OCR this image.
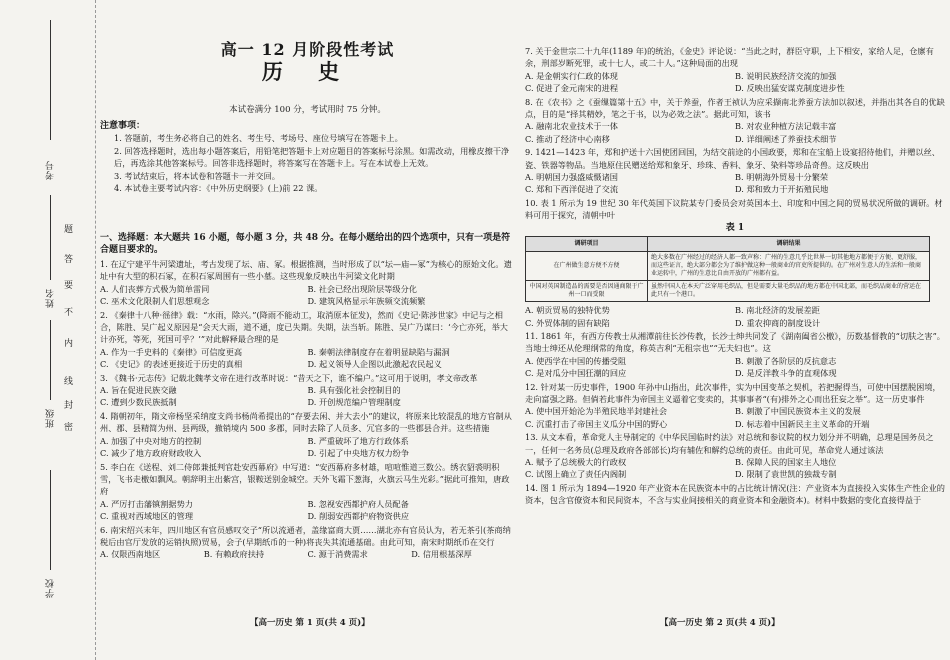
考号
姓名
班级
学校
题
答
要
不
内
线
封
密
高一 12 月阶段性考试
历 史
本试卷满分 100 分，考试用时 75 分钟。
注意事项：
1. 答题前，考生务必将自己的姓名、考生号、考场号、座位号填写在答题卡上。
2. 回答选择题时，选出每小题答案后，用铅笔把答题卡上对应题目的答案标号涂黑。如需改动，用橡皮擦干净后，再选涂其他答案标号。回答非选择题时，将答案写在答题卡上。写在本试卷上无效。
3. 考试结束后，将本试卷和答题卡一并交回。
4. 本试卷主要考试内容：《中外历史纲要》(上)前 22 课。
一、选择题：本大题共 16 小题，每小题 3 分，共 48 分。在每小题给出的四个选项中，只有一项是符合题目要求的。
1. 在辽宁建平牛河梁遗址，考古发现了坛、庙、冢。根据推测，当时形成了以“坛—庙—冢”为核心的原始文化。遗址中有大型的积石冢，在积石冢周围有一些小墓。这些现象反映出牛河梁文化时期
A. 人们丧葬方式极为简单雷同	B. 社会已经出现阶层等级分化
C. 巫术文化限制人们思想观念	D. 建筑风格显示年族频交流频繁
2. 《秦律十八种·徭律》载：“水雨，除兴。”(降雨不能动工，取消原本征发)，然而《史记·陈涉世家》中记与之相合，陈胜、吴广起义原因是“会天大雨，道不通，度已失期。失期，法当斩。陈胜、吴广乃谋曰：‘今亡亦死，举大计亦死，等死，死国可乎？’”对此解释最合理的是
A. 作为一手史料的《秦律》可信度更高	B. 秦朝法律制度存在着明显缺陷与漏洞
C. 《史记》的表述更接近于历史的真相	D. 起义领导人企图以此激起农民起义
3. 《魏书·元志传》记载北魏孝文帝在进行改革时说：“昔天之下，谁不编户。”这可用于说明，孝文帝改革
A. 旨在促进民族交融	B. 具有强化社会控制目的
C. 遭到少数民族抵制	D. 开创规范编户管理制度
4. 隋朝初年，隋文帝杨坚采纳度支尚书杨尚希提出的“存要去闲、并大去小”的建议，将原来比较混乱的地方官制从州、郡、县精简为州、县两级，撤销境内 500 多郡，同时去除了人员多、冗官多的一些郡县合并。这些措施
A. 加强了中央对地方的控制	B. 严重破坏了地方行政体系
C. 减少了地方政府财政收入	D. 引起了中央地方权力纷争
5. 李白在《送程、刘二侍郎兼抵判官赴安西幕府》中写道：“安西幕府多材雄，喧喧惟道三数公。绣衣貂裘明积雪，飞书走檄如飘风。朝辞明主出紫宫，银鞍送别金城空。天外飞霜下葱海，火旗云马生光彩。”据此可推知，唐政府
A. 严厉打击藩镇割据势力	B. 忽视安西都护府人员配备
C. 重视对西域地区的管理	D. 削弱安西都护府物资供应
6. 南宋绍兴末年，四川地区有官员感叹交子“所以流通者，盖缘富商大贾……湖北亦有官员认为，若无茶引(茶商纳税后由官厅发放的运销执照)贸易，会子(早期纸币的一种)将丧失其流通基础。由此可知，南宋时期纸币在交行
A. 仅限西南地区	B. 有赖政府扶持	C. 源于消费需求	D. 信用根基深厚
【高一历史 第 1 页(共 4 页)】
7. 关于金世宗二十九年(1189 年)的统治，《金史》评论说：“当此之时，群臣守职，上下相安，家给人足，仓廪有余，刑部岁断死罪，或十七人，或二十人。”这种局面的出现
A. 是金朝实行仁政的体现	B. 说明民族经济交流的加强
C. 促进了金元南宋的进程	D. 反映出猛安谋克制度进步性
8. 在《农书》之《蚕缫篇第十五》中，关于养蚕，作者王祯认为应采撷南北养蚕方法加以叙述，并指出其各自的优缺点，目的是“择其精妙，笔之于书，以为必效之法”。据此可知，该书
A. 融南北农业技术于一体	B. 对农业种植方法记载丰富
C. 推动了经济中心南移	D. 详细阐述了养蚕技术细节
9. 1421—1423 年，郑和护送十六国使团回国，为结交前途的小国政要，郑和在宝船上设宴招待他们，并赠以丝、瓷、铁器等物品。当地原住民赠送给郑和象牙、珍珠、香料、象牙、染料等珍品奇兽。这反映出
A. 明朝国力强盛威慑诸国	B. 明朝海外贸易十分繁荣
C. 郑和下西洋促进了交流	D. 郑和致力于开拓殖民地
10. 表 1 所示为 19 世纪 30 年代英国下议院某专门委员会对英国本土、印度和中国之间的贸易状况所做的调研。材料可用于探究，清朝中叶
表 1
调研项目	调研结果
在广州做生意方便不方便	绝大多数在广州经过的经济人都一致声称：广州的生意几乎比世界一切其他地方都便于方便、更舒服，而这些证言，绝大部分都会为了维护做这种一般商业的官吏所提供的。在广州对生意人的生活和一般商业运转中，广州的生意比自由开放的广州都有益。
中国对英国制造品的需要是否因通商限于广州一口而受限	虽然中国人在本天广泛穿用毛织品，但是需要大量毛织品的地方都在中国北部，而毛织品商业的营运在此只有一个港口。
A. 朝贡贸易的独特优势	B. 南北经济的发展差距
C. 外贸体制的固有缺陷	D. 重农抑商的制度设计
11. 1861 年，有西方传教士从湘潭前往长沙传教，长沙士绅共同发了《湖南阖省公檄》，历数基督教的“切肤之害”。当地士绅还从伦理纲常的角度，称英吉利“无租宗也”“无夫妇也”。这
A. 使西学在中国的传播受阻	B. 刺激了各阶层的反抗意志
C. 是对瓜分中国狂潮的回应	D. 是反洋教斗争的直观体现
12. 针对某一历史事件，1900 年孙中山指出，此次事件，实为中国变革之契机，若把握得当，可使中国摆脱困境，走向富强之路。但倘若此事件为帝国主义逼着它变卖的，其事事者“(有)排外之心而出狂妄之举”。这一历史事件
A. 使中国开始沦为半殖民地半封建社会	B. 刺激了中国民族资本主义的发展
C. 沉重打击了帝国主义瓜分中国的野心	D. 标志着中国新民主主义革命的开端
13. 从文本看，革命党人主导制定的《中华民国临时约法》对总统和参议院的权力划分并不明确，总理是国务员之一，任何一名务员(总理及政府各部部长)均有辅佐和解约总统的责任。由此可见，革命党人通过该法
A. 赋予了总统极大的行政权	B. 保障人民的国家主人地位
C. 试图上确立了责任内阁制	D. 限制了袁世凯的独裁专制
14. 图 1 所示为 1894—1920 年产业资本在民族资本中的占比统计情况(注：产业资本为直接投入实体生产性企业的资本，包含官僚资本和民间资本，不含与实业间接相关的商业资本和金融资本)。材料中数据的变化直接得益于
【高一历史 第 2 页(共 4 页)】
